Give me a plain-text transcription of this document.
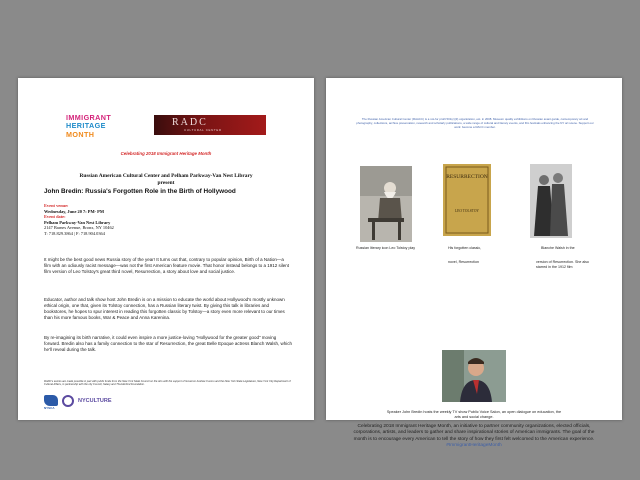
IMMIGRANT
HERITAGE
MONTH
RADC
CULTURAL CENTER
Celebrating 2018 Immigrant Heritage Month
Russian American Cultural Center and Pelham Parkway-Van Nest Library
present
John Bredin: Russia's Forgotten Role in the Birth of Hollywood
Event venue:
Wednesday, June 20 7: PM- PM
Event date:
Pelham Parkway-Van Nest Library
2147 Barnes Avenue, Bronx, NY 10462
T: 718.829.3864 | F: 718.904.0364
It might be the best good news Russia story of the year! It turns out that, contrary to popular opinion, Birth of a Nation—a film with an odiously racist message—was not the first American feature movie. That honor instead belongs to a 1912 silent film version of Leo Tolstoy's great third novel, Resurrection, a story about love and social justice.
Educator, author and talk show host John Bredin is on a mission to educate the world about Hollywood's mostly unknown ethical origin, one that, given its Tolstoy connection, has a Russian literary twist. By giving this talk in libraries and bookstores, he hopes to spur interest in reading this forgotten classic by Tolstoy—a story even more relevant to our times than his more famous books, War & Peace and Anna Karenina.
By re-imagining its birth narrative, it could even inspire a more justice-loving "Hollywood for the greater good" moving forward. Bredin also has a family connection to the star of Resurrection, the great Belle Epoque actress Blanch Walsh, which he'll reveal during the talk.
RADC's events are made possible in part with public funds from the New York State Council on the Arts with the support of Governor Andrew Cuomo and the New York State Legislature, New York City Department of Cultural Affairs, in partnership with the city Council, Salary and Thunderbird Foundation.
NYSCA
NYCULTURE
The Russian American Cultural Center (RAACC) is a not-for profit 501(c)(3) organization, est. in 2008. Museum quality exhibitions on Russian avant garde, contemporary art and photography, collections, archive preservation, research and scholarly publications, a wide range of cultural and literary events, and film festivals enhancing the NY art scene. Support our work: become a RACC member.
RESURRECTION
LEO TOLSTOY
Russian literary icon Leo Tolstoy play	His forgotten classic,
novel, Resurrection
Blanche Walsh in the
version of Resurrection. She also starred in the 1912 film
Speaker John Bredin hosts the weekly TV show Public Voice Salon, an open dialogue on education, the arts and social change.
Celebrating 2018 Immigrant Heritage Month, an initiative to partner community organizations, elected officials, corporations, artists, and leaders to gather and share inspirational stories of American immigrants. The goal of the month is to encourage every American to tell the story of how they first felt welcomed to the American experience.
#ImmigrantHeritageMonth
